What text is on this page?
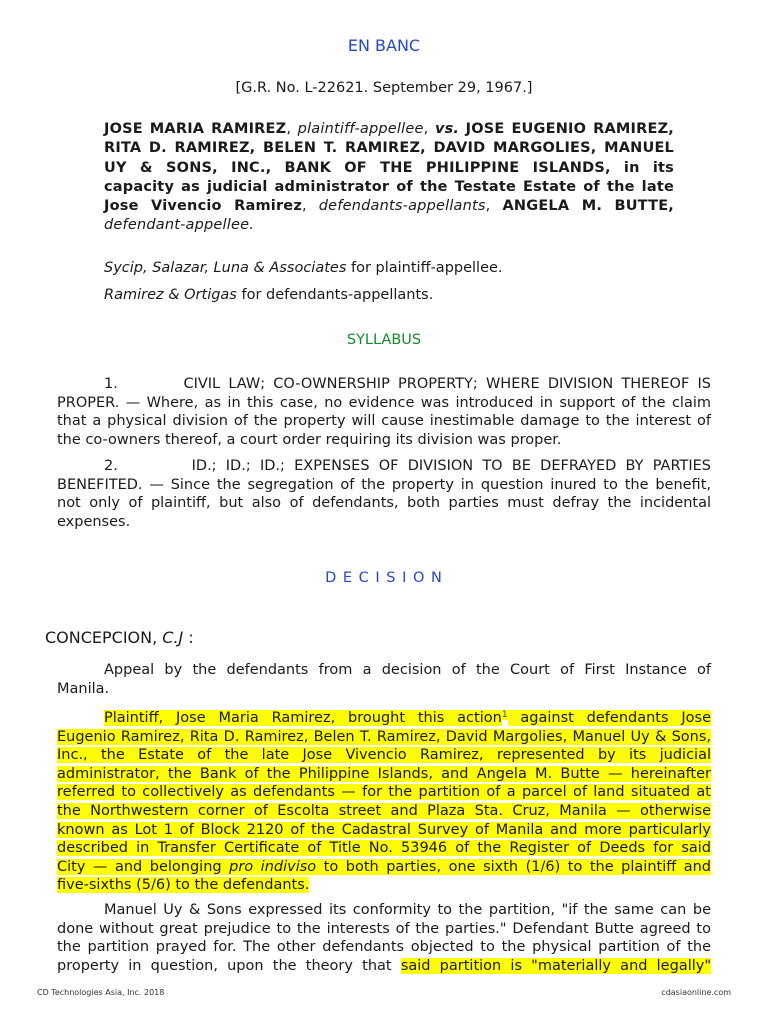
EN BANC
[G.R. No. L-22621. September 29, 1967.]
JOSE MARIA RAMIREZ, plaintiff-appellee, vs. JOSE EUGENIO RAMIREZ,
RITA D. RAMIREZ, BELEN T. RAMIREZ, DAVID MARGOLIES, MANUEL
UY & SONS, INC., BANK OF THE PHILIPPINE ISLANDS, in its
capacity as judicial administrator of the Testate Estate of the late
Jose Vivencio Ramirez, defendants-appellants, ANGELA M. BUTTE,
defendant-appellee.
Sycip, Salazar, Luna & Associates for plaintiff-appellee.
Ramirez & Ortigas for defendants-appellants.
SYLLABUS
1.        CIVIL LAW; CO-OWNERSHIP PROPERTY; WHERE DIVISION THEREOF IS
PROPER. — Where, as in this case, no evidence was introduced in support of the claim
that a physical division of the property will cause inestimable damage to the interest of
the co-owners thereof, a court order requiring its division was proper.
2.        ID.; ID.; ID.; EXPENSES OF DIVISION TO BE DEFRAYED BY PARTIES
BENEFITED. — Since the segregation of the property in question inured to the benefit,
not only of plaintiff, but also of defendants, both parties must defray the incidental
expenses.
D E C I S I O N
CONCEPCION, C.J :
Appeal by the defendants from a decision of the Court of First Instance of
Manila.
Plaintiff, Jose Maria Ramirez, brought this action$^1$ against defendants Jose
Eugenio Ramirez, Rita D. Ramirez, Belen T. Ramirez, David Margolies, Manuel Uy & Sons,
Inc., the Estate of the late Jose Vivencio Ramirez, represented by its judicial
administrator, the Bank of the Philippine Islands, and Angela M. Butte — hereinafter
referred to collectively as defendants — for the partition of a parcel of land situated at
the Northwestern corner of Escolta street and Plaza Sta. Cruz, Manila — otherwise
known as Lot 1 of Block 2120 of the Cadastral Survey of Manila and more particularly
described in Transfer Certificate of Title No. 53946 of the Register of Deeds for said
City — and belonging pro indiviso to both parties, one sixth (1/6) to the plaintiff and
five-sixths (5/6) to the defendants.
Manuel Uy & Sons expressed its conformity to the partition, "if the same can be
done without great prejudice to the interests of the parties." Defendant Butte agreed to
the partition prayed for. The other defendants objected to the physical partition of the
property in question, upon the theory that said partition is "materially and legally"
CD Technologies Asia, Inc. 2018	cdasiaonline.com
